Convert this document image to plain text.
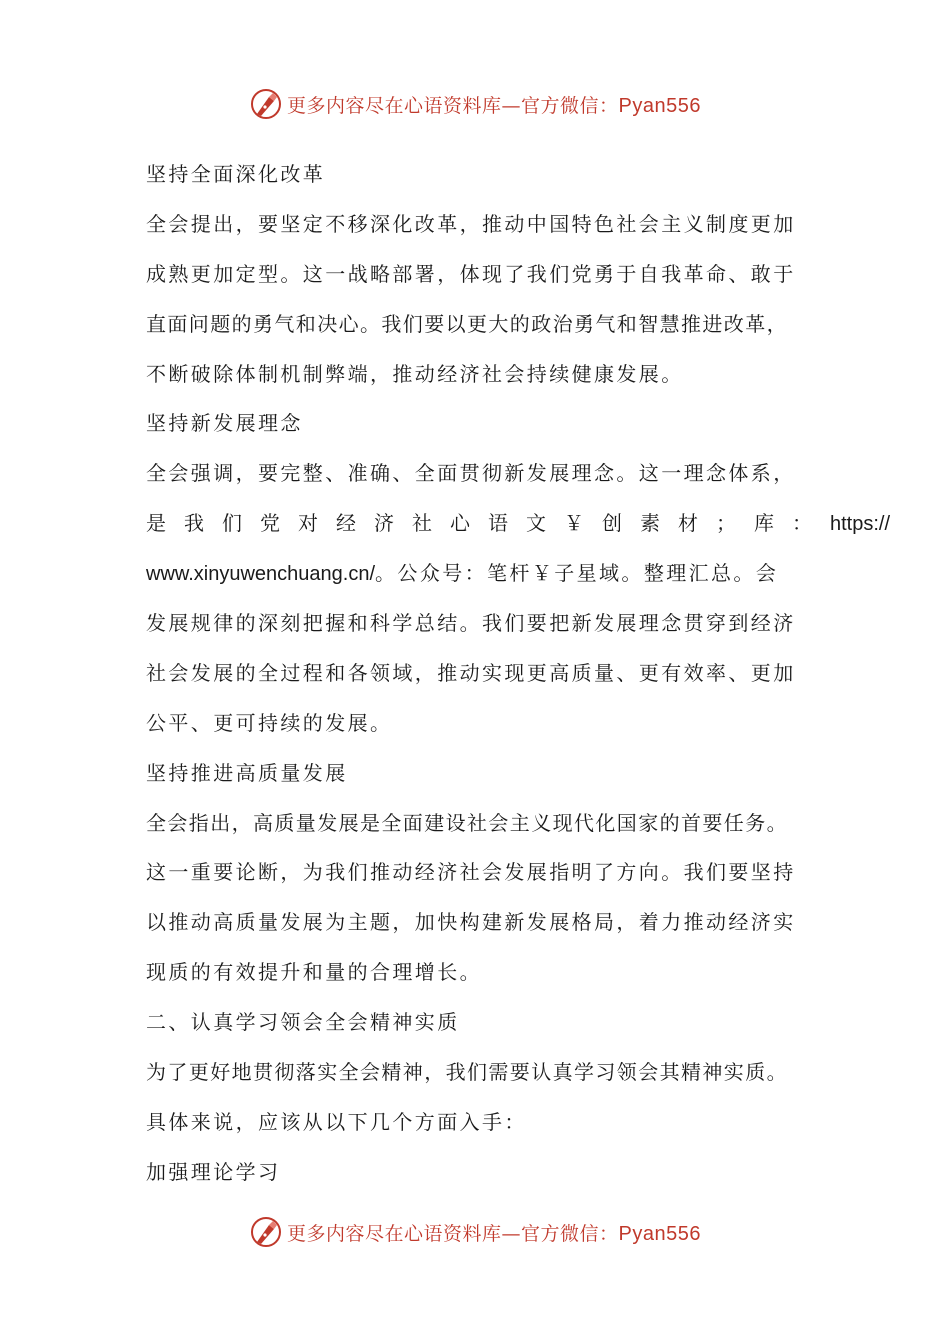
更多内容尽在心语资料库—官方微信：Pyan556
坚持全面深化改革
全会提出，要坚定不移深化改革，推动中国特色社会主义制度更加
成熟更加定型。这一战略部署，体现了我们党勇于自我革命、敢于
直面问题的勇气和决心。我们要以更大的政治勇气和智慧推进改革，
不断破除体制机制弊端，推动经济社会持续健康发展。
坚持新发展理念
全会强调，要完整、准确、全面贯彻新发展理念。这一理念体系，
是我们党对经济社心语文￥创素材；库：https://
www.xinyuwenchuang.cn/。公众号：笔杆￥子星域。整理汇总。会
发展规律的深刻把握和科学总结。我们要把新发展理念贯穿到经济
社会发展的全过程和各领域，推动实现更高质量、更有效率、更加
公平、更可持续的发展。
坚持推进高质量发展
全会指出，高质量发展是全面建设社会主义现代化国家的首要任务。
这一重要论断，为我们推动经济社会发展指明了方向。我们要坚持
以推动高质量发展为主题，加快构建新发展格局，着力推动经济实
现质的有效提升和量的合理增长。
二、认真学习领会全会精神实质
为了更好地贯彻落实全会精神，我们需要认真学习领会其精神实质。
具体来说，应该从以下几个方面入手：
加强理论学习
更多内容尽在心语资料库—官方微信：Pyan556
